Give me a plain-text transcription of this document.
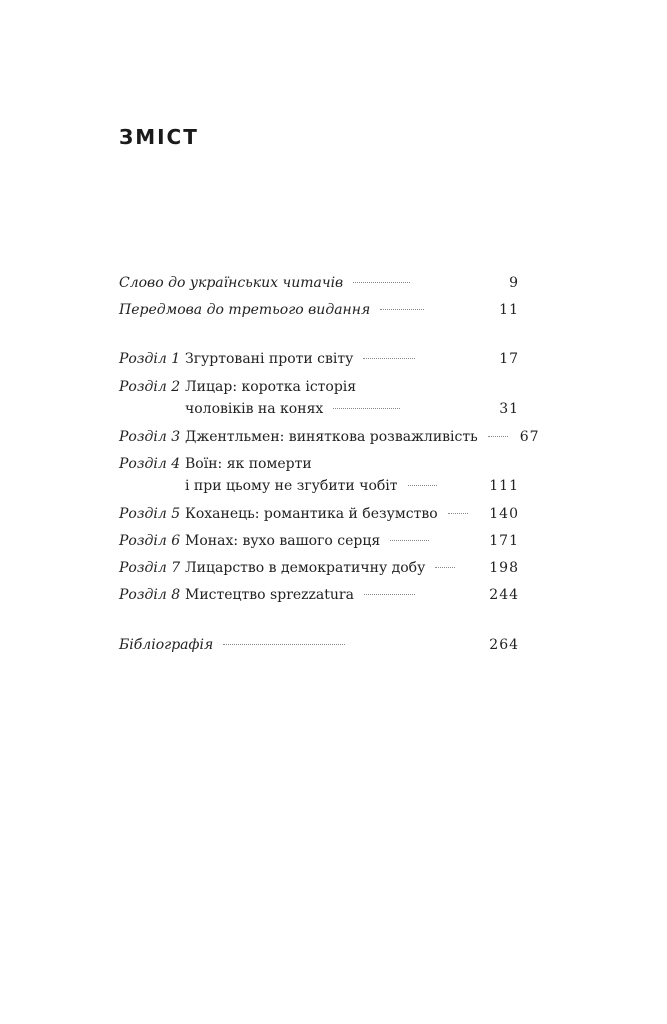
ЗМІСТ
Слово до українських читачів	9
Передмова до третього видання	11
Розділ 1 Згуртовані проти світу	17
Розділ 2 Лицар: коротка історія
чоловіків на конях	31
Розділ 3 Джентльмен: виняткова розважливість	67
Розділ 4 Воїн: як померти
і при цьому не згубити чобіт	111
Розділ 5 Коханець: романтика й безумство	140
Розділ 6 Монах: вухо вашого серця	171
Розділ 7 Лицарство в демократичну добу	198
Розділ 8 Мистецтво sprezzatura	244
Бібліографія	264
